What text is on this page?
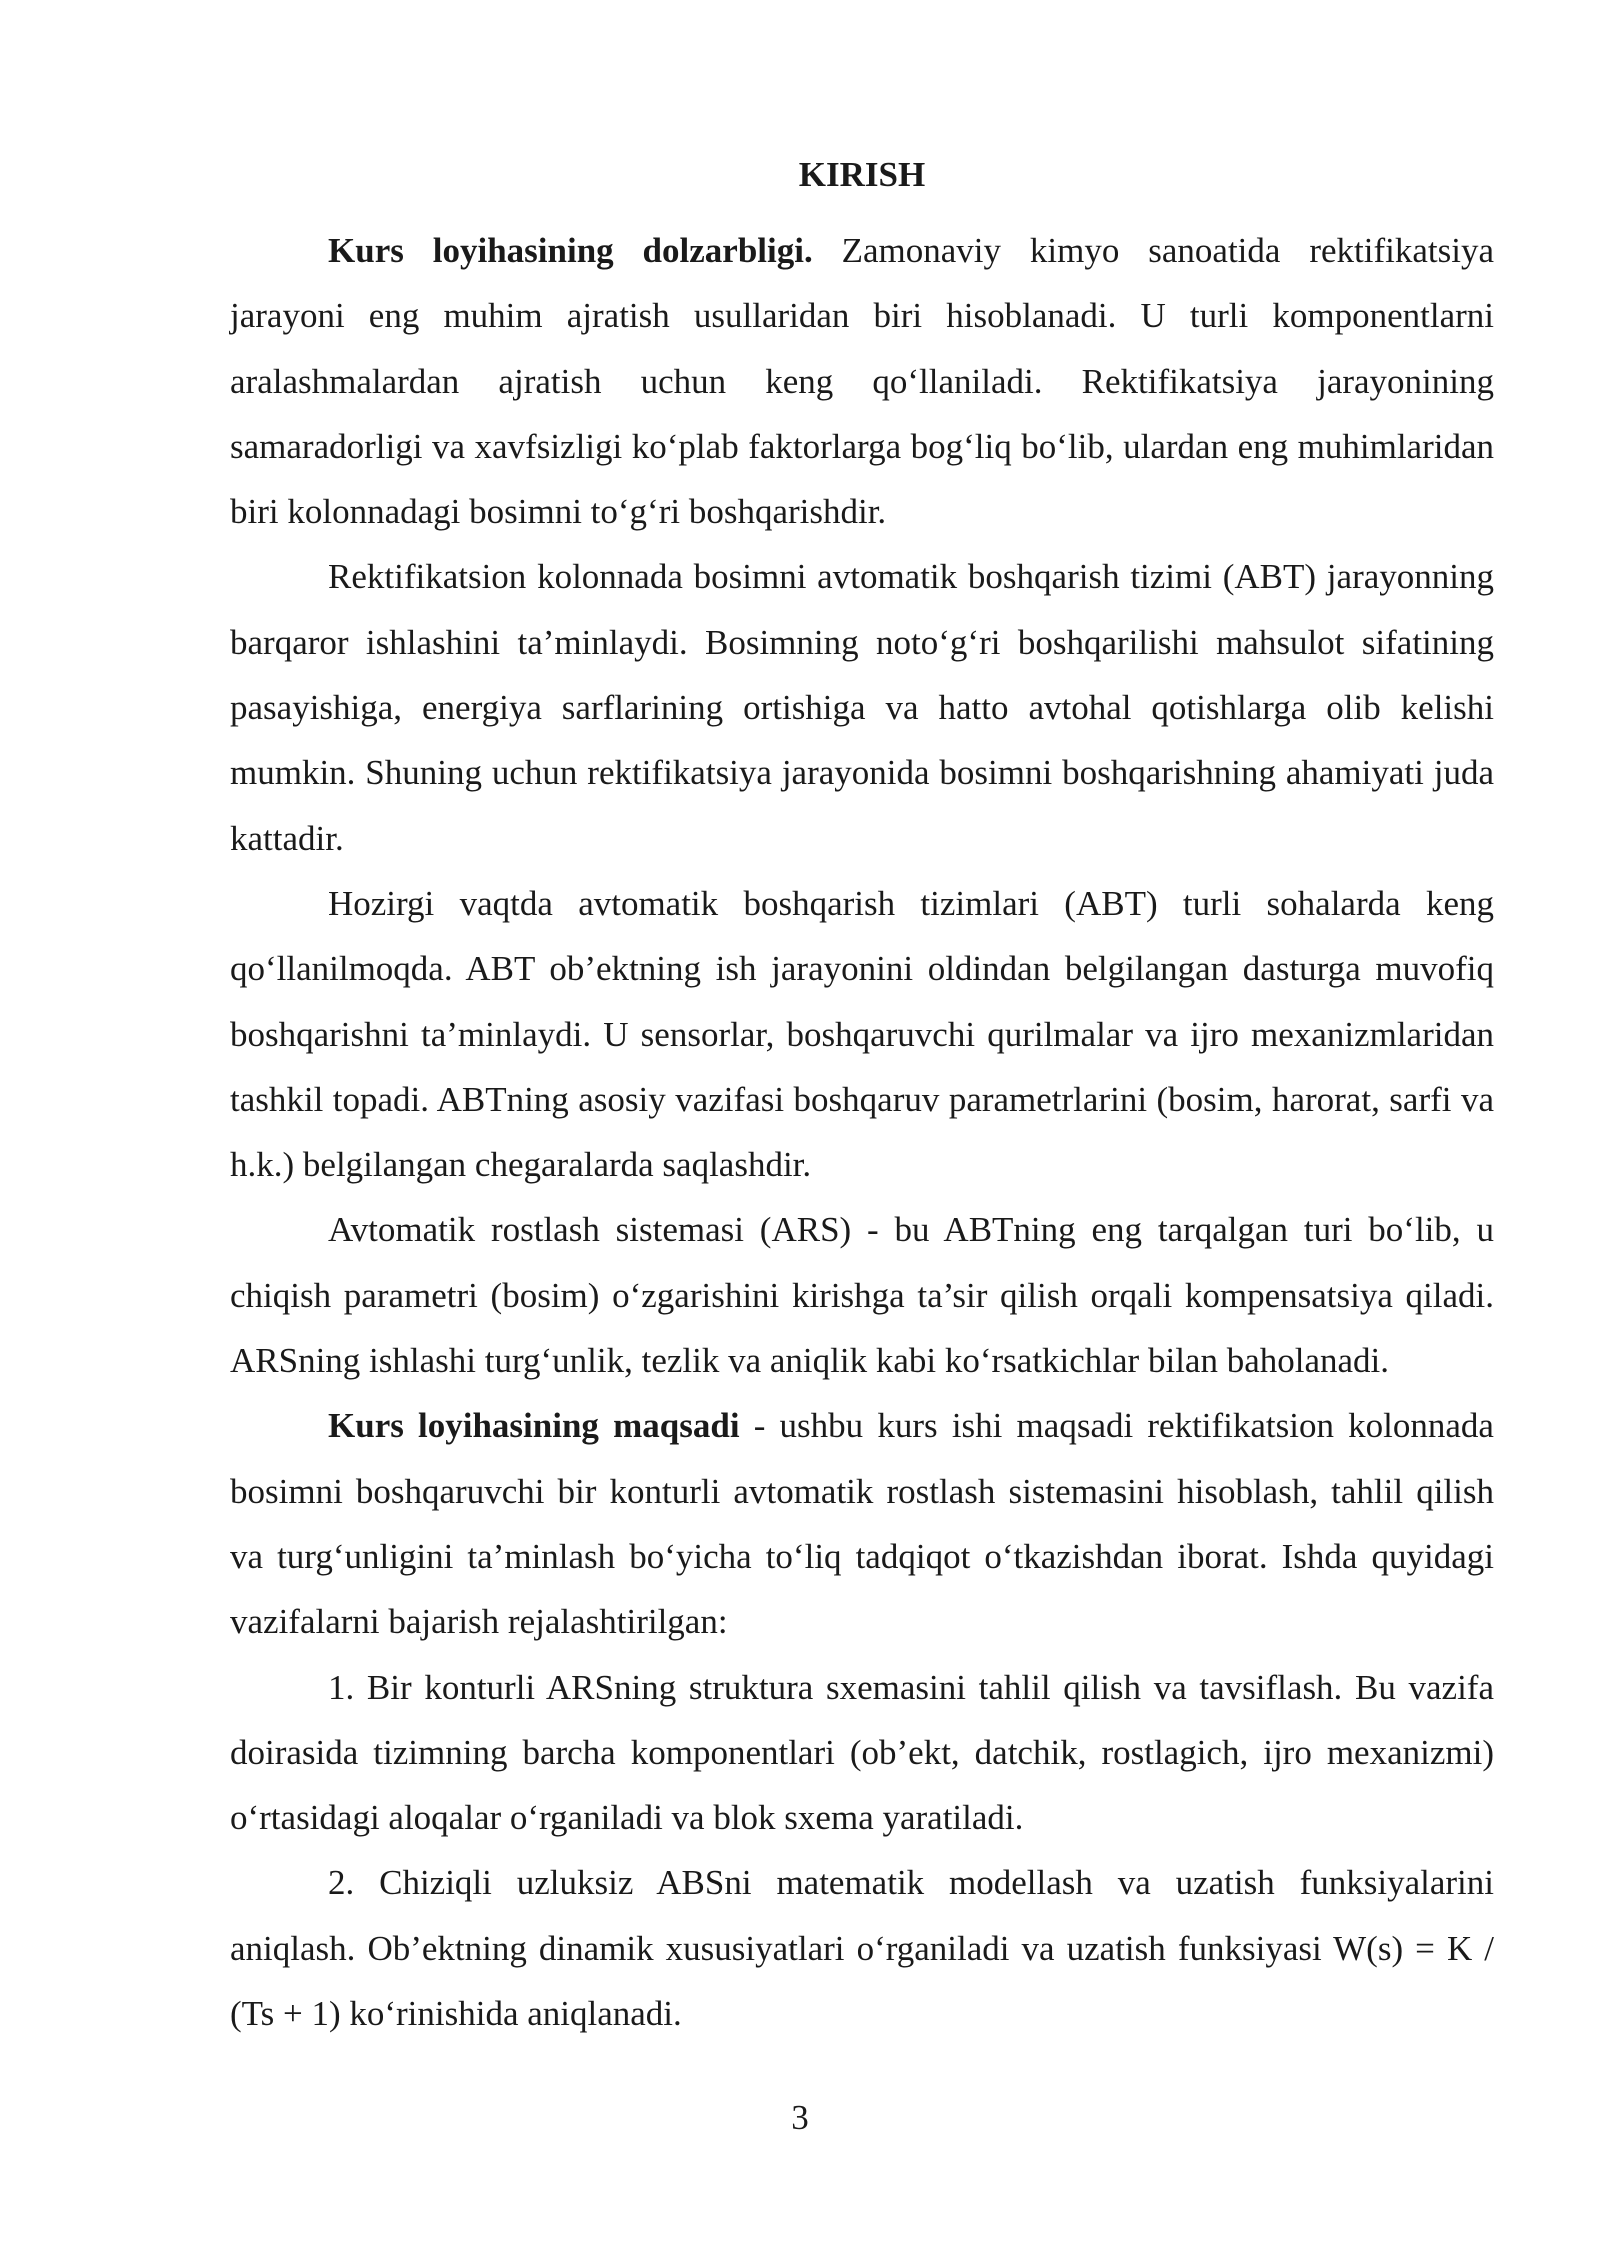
KIRISH

Kurs loyihasining dolzarbligi. Zamonaviy kimyo sanoatida rektifikatsiya jarayoni eng muhim ajratish usullaridan biri hisoblanadi. U turli komponentlarni aralashmalardan ajratish uchun keng qo‘llaniladi. Rektifikatsiya jarayonining samaradorligi va xavfsizligi ko‘plab faktorlarga bog‘liq bo‘lib, ulardan eng muhimlaridan biri kolonnadagi bosimni to‘g‘ri boshqarishdir.

Rektifikatsion kolonnada bosimni avtomatik boshqarish tizimi (ABT) jarayonning barqaror ishlashini ta’minlaydi. Bosimning noto‘g‘ri boshqarilishi mahsulot sifatining pasayishiga, energiya sarflarining ortishiga va hatto avtohal qotishlarga olib kelishi mumkin. Shuning uchun rektifikatsiya jarayonida bosimni boshqarishning ahamiyati juda kattadir.

Hozirgi vaqtda avtomatik boshqarish tizimlari (ABT) turli sohalarda keng qo‘llanilmoqda. ABT ob’ektning ish jarayonini oldindan belgilangan dasturga muvofiq boshqarishni ta’minlaydi. U sensorlar, boshqaruvchi qurilmalar va ijro mexanizmlaridan tashkil topadi. ABTning asosiy vazifasi boshqaruv parametrlarini (bosim, harorat, sarfi va h.k.) belgilangan chegaralarda saqlashdir.

Avtomatik rostlash sistemasi (ARS) - bu ABTning eng tarqalgan turi bo‘lib, u chiqish parametri (bosim) o‘zgarishini kirishga ta’sir qilish orqali kompensatsiya qiladi. ARSning ishlashi turg‘unlik, tezlik va aniqlik kabi ko‘rsatkichlar bilan baholanadi.

Kurs loyihasining maqsadi - ushbu kurs ishi maqsadi rektifikatsion kolonnada bosimni boshqaruvchi bir konturli avtomatik rostlash sistemasini hisoblash, tahlil qilish va turg‘unligini ta’minlash bo‘yicha to‘liq tadqiqot o‘tkazishdan iborat. Ishda quyidagi vazifalarni bajarish rejalashtirilgan:

1. Bir konturli ARSning struktura sxemasini tahlil qilish va tavsiflash. Bu vazifa doirasida tizimning barcha komponentlari (ob’ekt, datchik, rostlagich, ijro mexanizmi) o‘rtasidagi aloqalar o‘rganiladi va blok sxema yaratiladi.

2. Chiziqli uzluksiz ABSni matematik modellash va uzatish funksiyalarini aniqlash. Ob’ektning dinamik xususiyatlari o‘rganiladi va uzatish funksiyasi W(s) = K / (Ts + 1) ko‘rinishida aniqlanadi.

3
